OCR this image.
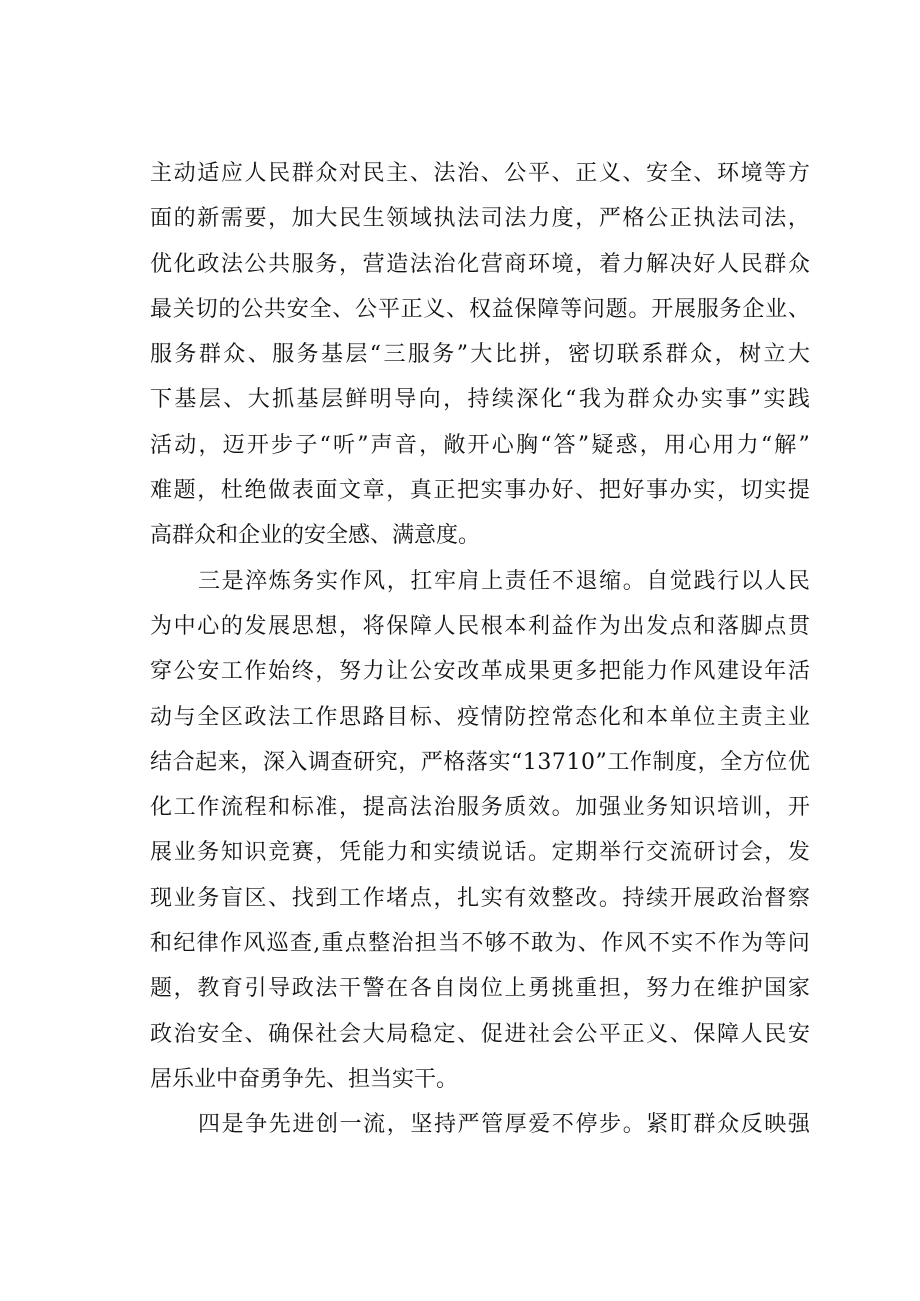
主 动 适 应 人 民 群 众 对 民 主 、 法 治 、 公 平 、 正 义 、 安 全 、 环 境 等 方
面 的 新 需 要 ， 加 大 民 生 领 域 执 法 司 法 力 度 ， 严 格 公 正 执 法 司 法 ，
优 化 政 法 公 共 服 务 ， 营 造 法 治 化 营 商 环 境 ， 着 力 解 决 好 人 民 群 众
最 关 切 的 公 共 安 全 、 公 平 正 义 、 权 益 保 障 等 问 题 。 开 展 服 务 企 业 、
服 务 群 众 、 服 务 基 层 “ 三 服 务 ” 大 比 拼 ， 密 切 联 系 群 众 ， 树 立 大
下 基 层 、 大 抓 基 层 鲜 明 导 向 ， 持 续 深 化 “ 我 为 群 众 办 实 事 ” 实 践
活 动 ， 迈 开 步 子 “ 听 ” 声 音 ， 敞 开 心 胸 “ 答 ” 疑 惑 ， 用 心 用 力 “ 解 ”
难 题 ， 杜 绝 做 表 面 文 章 ， 真 正 把 实 事 办 好 、 把 好 事 办 实 ， 切 实 提
高群众和企业的安全感、满意度。
三 是 淬 炼 务 实 作 风 ， 扛 牢 肩 上 责 任 不 退 缩 。 自 觉 践 行 以 人 民
为 中 心 的 发 展 思 想 ， 将 保 障 人 民 根 本 利 益 作 为 出 发 点 和 落 脚 点 贯
穿 公 安 工 作 始 终 ， 努 力 让 公 安 改 革 成 果 更 多 把 能 力 作 风 建 设 年 活
动 与 全 区 政 法 工 作 思 路 目 标 、 疫 情 防 控 常 态 化 和 本 单 位 主 责 主 业
结 合 起 来 ， 深 入 调 查 研 究 ， 严 格 落 实 “ 1 3 7 1 0 ” 工 作 制 度 ， 全 方 位 优
化 工 作 流 程 和 标 准 ， 提 高 法 治 服 务 质 效 。 加 强 业 务 知 识 培 训 ， 开
展 业 务 知 识 竞 赛 ， 凭 能 力 和 实 绩 说 话 。 定 期 举 行 交 流 研 讨 会 ， 发
现 业 务 盲 区 、 找 到 工 作 堵 点 ， 扎 实 有 效 整 改 。 持 续 开 展 政 治 督 察
和 纪 律 作 风 巡 查 , 重 点 整 治 担 当 不 够 不 敢 为 、 作 风 不 实 不 作 为 等 问
题 ， 教 育 引 导 政 法 干 警 在 各 自 岗 位 上 勇 挑 重 担 ， 努 力 在 维 护 国 家
政 治 安 全 、 确 保 社 会 大 局 稳 定 、 促 进 社 会 公 平 正 义 、 保 障 人 民 安
居乐业中奋勇争先、担当实干。
四 是 争 先 进 创 一 流 ， 坚 持 严 管 厚 爱 不 停 步 。 紧 盯 群 众 反 映 强
